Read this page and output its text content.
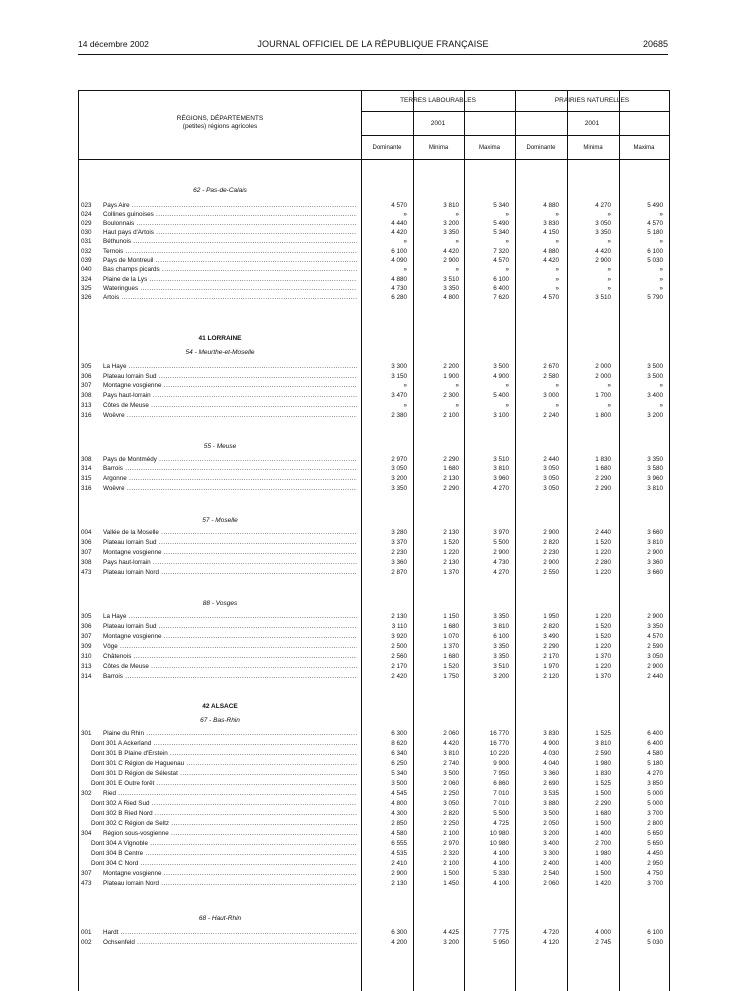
14 décembre 2002	JOURNAL OFFICIEL DE LA RÉPUBLIQUE FRANÇAISE	20685
RÉGIONS, DÉPARTEMENTS
(petites) régions agricoles
TERRES LABOURABLES	PRAIRIES NATURELLES
2001	2001
Dominante	Minima	Maxima	Dominante	Minima	Maxima
62 - Pas-de-Calais
41 LORRAINE
54 - Meurthe-et-Moselle
55 - Meuse
57 - Moselle
88 - Vosges
42 ALSACE
67 - Bas-Rhin
68 - Haut-Rhin
023	Pays Aire .....	4 570	3 810	5 340	4 880	4 270	5 490
024	Collines guinoises .....	»	»	»	»	»	»
029	Boulonnais .....	4 440	3 200	5 490	3 830	3 050	4 570
030	Haut pays d'Artois .....	4 420	3 350	5 340	4 150	3 350	5 180
031	Béthunois .....	»	»	»	»	»	»
032	Ternois .....	6 100	4 420	7 320	4 880	4 420	6 100
039	Pays de Montreuil .....	4 090	2 900	4 570	4 420	2 900	5 030
040	Bas champs picards .....	»	»	»	»	»	»
324	Plaine de la Lys .....	4 880	3 510	6 100	»	»	»
325	Wateringues .....	4 730	3 350	6 400	»	»	»
326	Artois .....	6 280	4 800	7 620	4 570	3 510	5 790
305	La Haye .....	3 300	2 200	3 500	2 670	2 000	3 500
306	Plateau lorrain Sud .....	3 150	1 900	4 900	2 580	2 000	3 500
307	Montagne vosgienne .....	»	»	»	»	»	»
308	Pays haut-lorrain .....	3 470	2 300	5 400	3 000	1 700	3 400
313	Côtes de Meuse .....	»	»	»	»	»	»
316	Woëvre .....	2 380	2 100	3 100	2 240	1 800	3 200
308	Pays de Montmédy .....	2 970	2 290	3 510	2 440	1 830	3 350
314	Barrois .....	3 050	1 680	3 810	3 050	1 680	3 580
315	Argonne .....	3 200	2 130	3 960	3 050	2 290	3 960
316	Woëvre .....	3 350	2 290	4 270	3 050	2 290	3 810
004	Vallée de la Moselle .....	3 280	2 130	3 970	2 900	2 440	3 660
306	Plateau lorrain Sud .....	3 370	1 520	5 500	2 820	1 520	3 810
307	Montagne vosgienne .....	2 230	1 220	2 900	2 230	1 220	2 900
308	Pays haut-lorrain .....	3 360	2 130	4 730	2 900	2 280	3 360
473	Plateau lorrain Nord .....	2 870	1 370	4 270	2 550	1 220	3 660
305	La Haye .....	2 130	1 150	3 350	1 950	1 220	2 900
306	Plateau lorrain Sud .....	3 110	1 680	3 810	2 820	1 520	3 350
307	Montagne vosgienne .....	3 920	1 070	6 100	3 490	1 520	4 570
309	Vôge .....	2 500	1 370	3 350	2 290	1 220	2 590
310	Châtenois .....	2 560	1 680	3 350	2 170	1 370	3 050
313	Côtes de Meuse .....	2 170	1 520	3 510	1 970	1 220	2 900
314	Barrois .....	2 420	1 750	3 200	2 120	1 370	2 440
301	Plaine du Rhin .....	6 300	2 060	16 770	3 830	1 525	6 400
Dont 301 A Ackerland .....	8 620	4 420	16 770	4 900	3 810	6 400
Dont 301 B Plaine d'Erstein .....	6 340	3 810	10 220	4 030	2 590	4 580
Dont 301 C Région de Haguenau .....	6 250	2 740	9 900	4 040	1 980	5 180
Dont 301 D Région de Sélestat .....	5 340	3 500	7 950	3 360	1 830	4 270
Dont 301 E Outre forêt .....	3 500	2 060	6 860	2 690	1 525	3 850
302	Ried .....	4 545	2 250	7 010	3 535	1 500	5 000
Dont 302 A Ried Sud .....	4 800	3 050	7 010	3 880	2 290	5 000
Dont 302 B Ried Nord .....	4 300	2 820	5 500	3 500	1 680	3 700
Dont 302 C Région de Seltz .....	2 850	2 250	4 725	2 050	1 500	2 800
304	Région sous-vosgienne .....	4 580	2 100	10 980	3 200	1 400	5 650
Dont 304 A Vignoble .....	6 555	2 970	10 980	3 400	2 700	5 650
Dont 304 B Centre .....	4 535	2 320	4 100	3 300	1 980	4 450
Dont 304 C Nord .....	2 410	2 100	4 100	2 400	1 400	2 950
307	Montagne vosgienne .....	2 900	1 500	5 330	2 540	1 500	4 750
473	Plateau lorrain Nord .....	2 130	1 450	4 100	2 060	1 420	3 700
001	Hardt .....	6 300	4 425	7 775	4 720	4 000	6 100
002	Ochsenfeld .....	4 200	3 200	5 950	4 120	2 745	5 030
